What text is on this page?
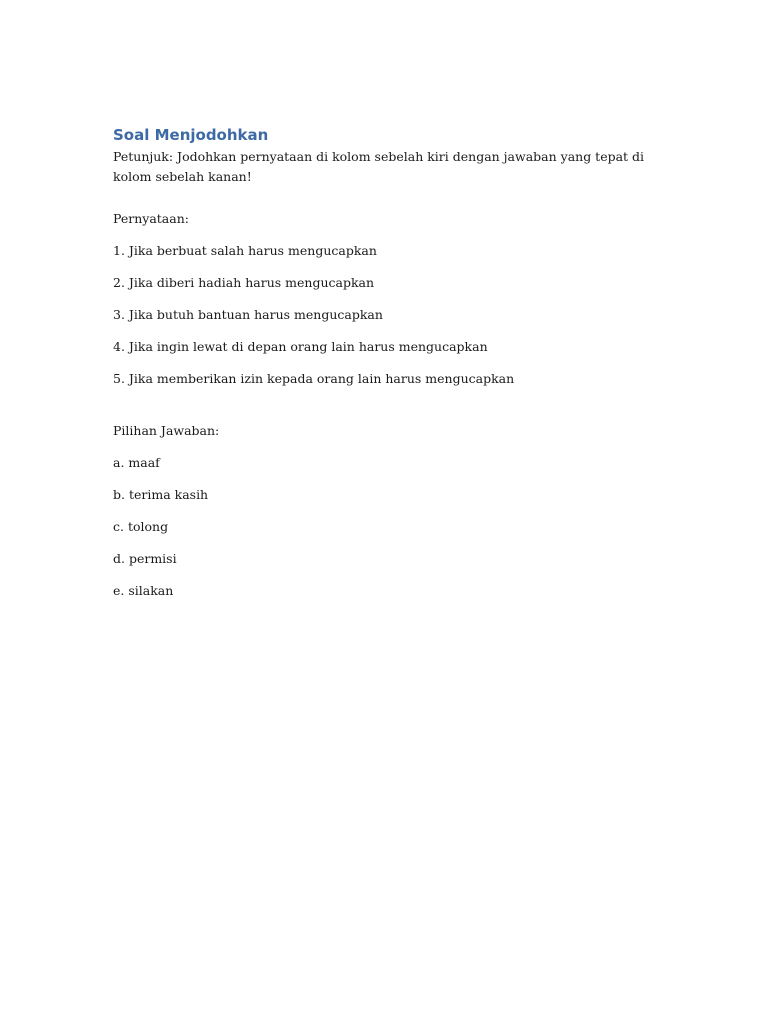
Soal Menjodohkan

Petunjuk: Jodohkan pernyataan di kolom sebelah kiri dengan jawaban yang tepat di kolom sebelah kanan!

Pernyataan:

1. Jika berbuat salah harus mengucapkan
2. Jika diberi hadiah harus mengucapkan
3. Jika butuh bantuan harus mengucapkan
4. Jika ingin lewat di depan orang lain harus mengucapkan
5. Jika memberikan izin kepada orang lain harus mengucapkan

Pilihan Jawaban:

a. maaf
b. terima kasih
c. tolong
d. permisi
e. silakan
